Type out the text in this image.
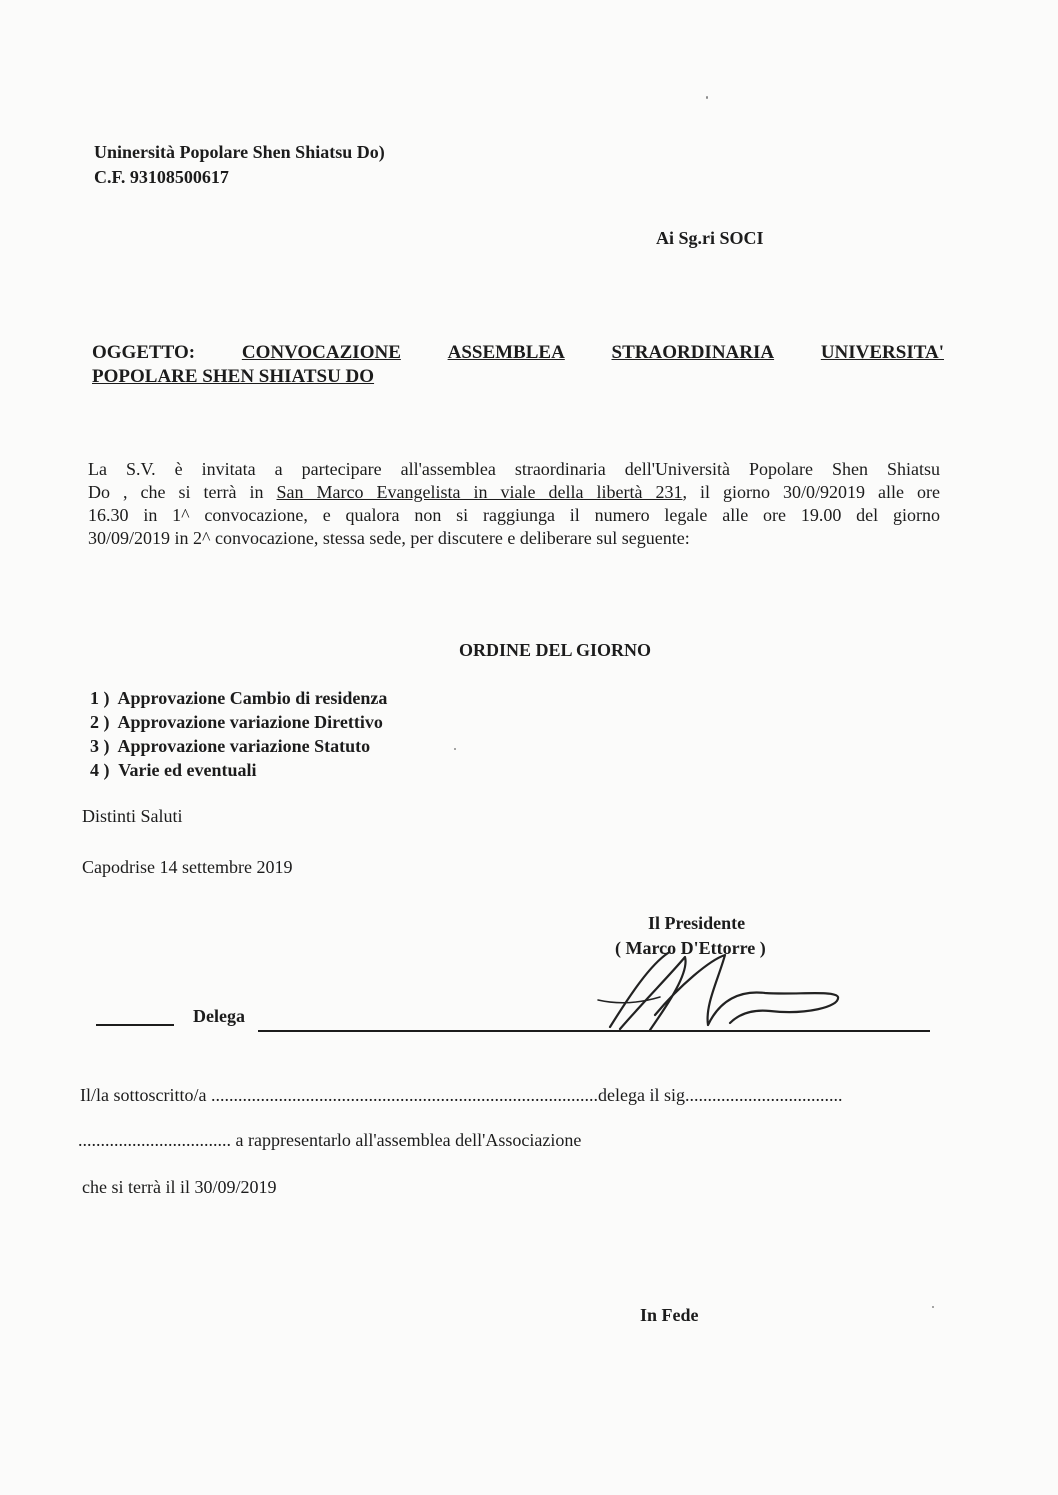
Uninersità Popolare Shen Shiatsu Do)
C.F. 93108500617
Ai Sg.ri SOCI
OGGETTO: CONVOCAZIONE ASSEMBLEA STRAORDINARIA UNIVERSITA'
POPOLARE SHEN SHIATSU DO
La S.V. è invitata a partecipare all'assemblea straordinaria dell'Università Popolare Shen Shiatsu
Do , che si terrà in San Marco Evangelista in viale della libertà 231, il giorno 30/0/92019 alle ore
16.30 in 1^ convocazione, e qualora non si raggiunga il numero legale alle ore 19.00 del giorno
30/09/2019 in 2^ convocazione, stessa sede, per discutere e deliberare sul seguente:
ORDINE DEL GIORNO
1 ) Approvazione Cambio di residenza
2 ) Approvazione variazione Direttivo
3 ) Approvazione variazione Statuto
4 ) Varie ed eventuali
Distinti Saluti
Capodrise 14 settembre 2019
Il Presidente
( Marco D'Ettorre )
Delega
Il/la sottoscritto/a ......................................................................................delega il sig...................................
.................................. a rappresentarlo all'assemblea dell'Associazione
che si terrà il il 30/09/2019
In Fede
